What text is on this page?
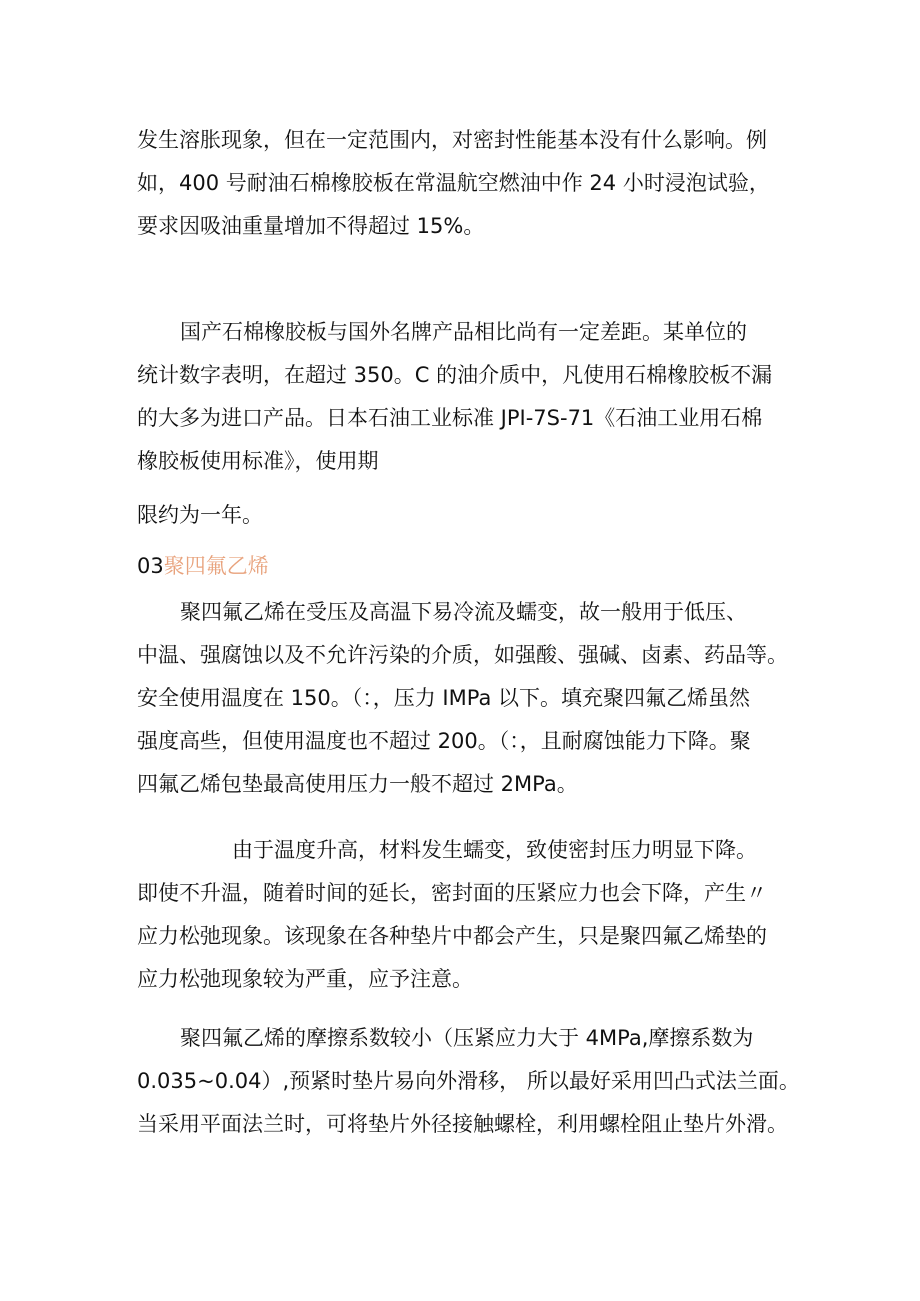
发生溶胀现象，但在一定范围内，对密封性能基本没有什么影响。例
如，400 号耐油石棉橡胶板在常温航空燃油中作 24 小时浸泡试验，
要求因吸油重量增加不得超过 15%。
国产石棉橡胶板与国外名牌产品相比尚有一定差距。某单位的
统计数字表明，在超过 350。C 的油介质中，凡使用石棉橡胶板不漏
的大多为进口产品。日本石油工业标准 JPI-7S-71《石油工业用石棉
橡胶板使用标准》，使用期
限约为一年。
03聚四氟乙烯
聚四氟乙烯在受压及高温下易冷流及蠕变，故一般用于低压、
中温、强腐蚀以及不允许污染的介质，如强酸、强碱、卤素、药品等。
安全使用温度在 150。（：，压力 IMPa 以下。填充聚四氟乙烯虽然
强度高些，但使用温度也不超过 200。（：，且耐腐蚀能力下降。聚
四氟乙烯包垫最高使用压力一般不超过 2MPa。
由于温度升高，材料发生蠕变，致使密封压力明显下降。
即使不升温，随着时间的延长，密封面的压紧应力也会下降，产生〃
应力松弛现象。该现象在各种垫片中都会产生，只是聚四氟乙烯垫的
应力松弛现象较为严重，应予注意。
聚四氟乙烯的摩擦系数较小（压紧应力大于 4MPa,摩擦系数为
0.035~0.04）,预紧时垫片易向外滑移， 所以最好采用凹凸式法兰面。
当采用平面法兰时，可将垫片外径接触螺栓，利用螺栓阻止垫片外滑。
